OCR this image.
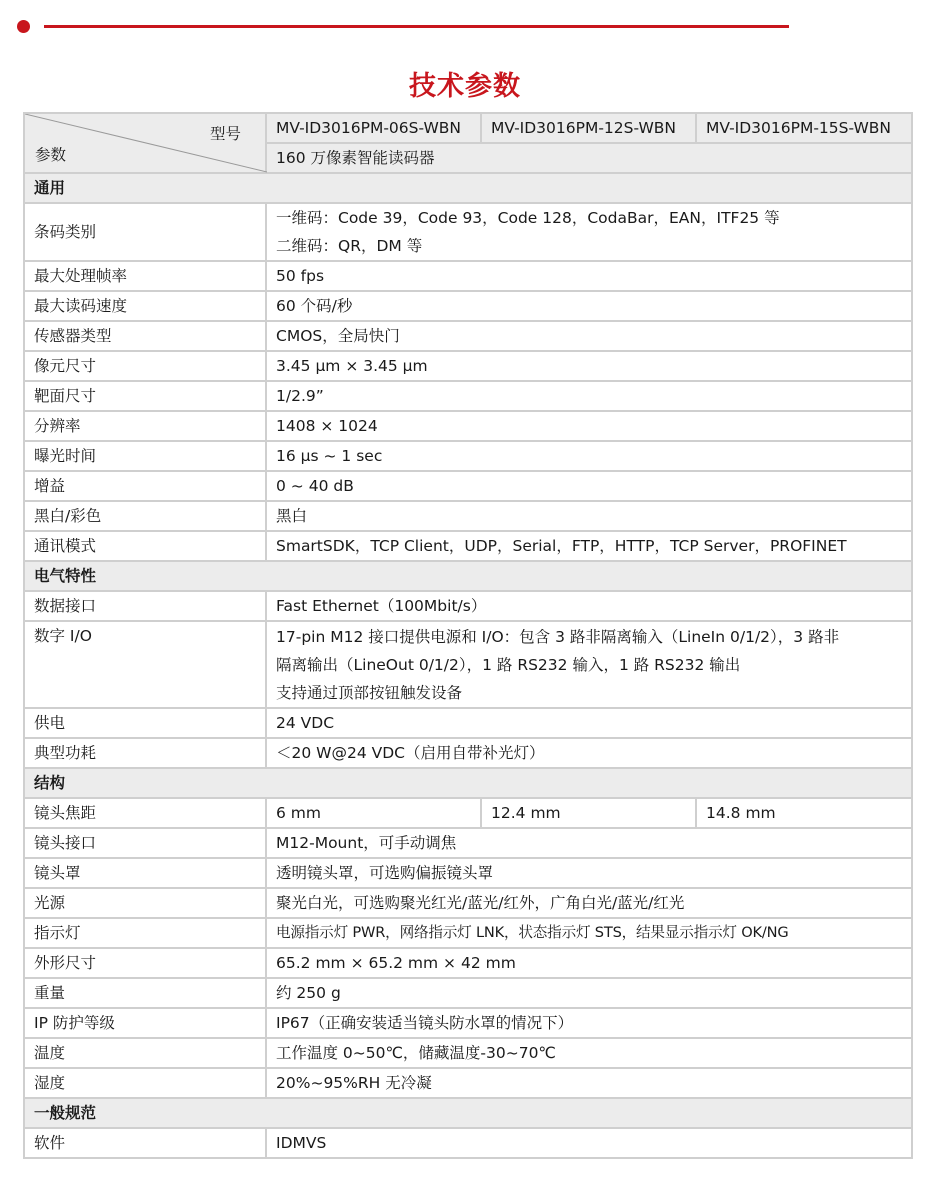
技术参数
型号
参数	MV-ID3016PM-06S-WBN	MV-ID3016PM-12S-WBN	MV-ID3016PM-15S-WBN
	160 万像素智能读码器		
通用			
条码类别	一维码：Code 39，Code 93，Code 128，CodaBar，EAN，ITF25 等
二维码：QR，DM 等		

最大处理帧率	50 fps		
最大读码速度	60 个码/秒		
传感器类型	CMOS，全局快门		
像元尺寸	3.45 µm × 3.45 µm		
靶面尺寸	1/2.9”		
分辨率	1408 × 1024		
曝光时间	16 µs ~ 1 sec		
增益	0 ~ 40 dB		
黑白/彩色	黑白		
通讯模式	SmartSDK，TCP Client，UDP，Serial，FTP，HTTP，TCP Server，PROFINET		
电气特性			
数据接口	Fast Ethernet（100Mbit/s）		
数字 I/O	17-pin M12 接口提供电源和 I/O：包含 3 路非隔离输入（LineIn 0/1/2），3 路非
隔离输出（LineOut 0/1/2），1 路 RS232 输入，1 路 RS232 输出
支持通过顶部按钮触发设备		

供电	24 VDC		
典型功耗	＜20 W@24 VDC（启用自带补光灯）		
结构			
镜头焦距	6 mm	12.4 mm	14.8 mm
镜头接口	M12-Mount，可手动调焦		
镜头罩	透明镜头罩，可选购偏振镜头罩		
光源	聚光白光，可选购聚光红光/蓝光/红外，广角白光/蓝光/红光		
指示灯	电源指示灯 PWR，网络指示灯 LNK，状态指示灯 STS，结果显示指示灯 OK/NG		
外形尺寸	65.2 mm × 65.2 mm × 42 mm		
重量	约 250 g		
IP 防护等级	IP67（正确安装适当镜头防水罩的情况下）		
温度	工作温度 0~50℃，储藏温度-30~70℃		
湿度	20%~95%RH 无冷凝		
一般规范			
软件	IDMVS		
